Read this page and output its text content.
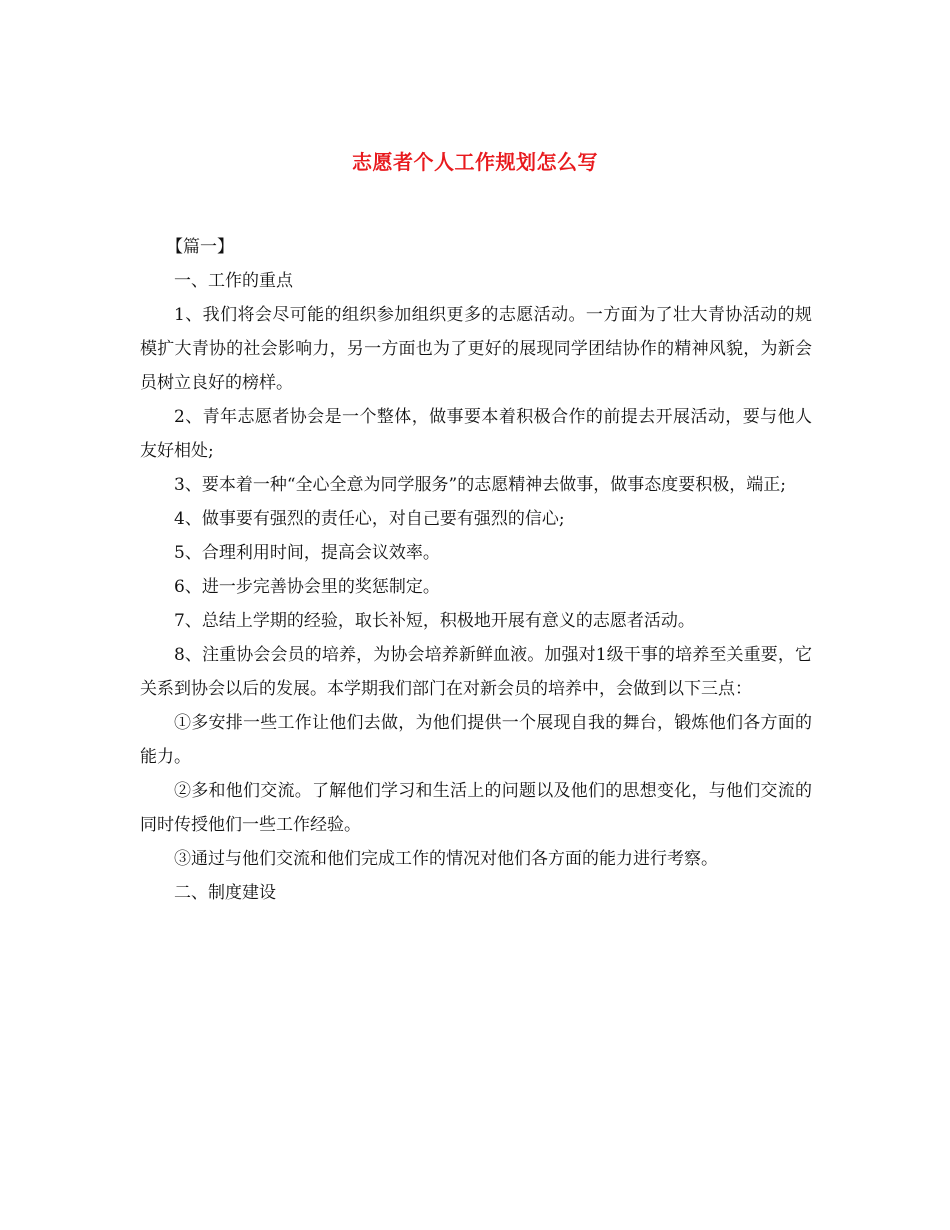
志愿者个人工作规划怎么写

【篇一】

一、工作的重点

1、我们将会尽可能的组织参加组织更多的志愿活动。一方面为了壮大青协活动的规模扩大青协的社会影响力，另一方面也为了更好的展现同学团结协作的精神风貌，为新会员树立良好的榜样。

2、青年志愿者协会是一个整体，做事要本着积极合作的前提去开展活动，要与他人友好相处;

3、要本着一种“全心全意为同学服务”的志愿精神去做事，做事态度要积极，端正;

4、做事要有强烈的责任心，对自己要有强烈的信心;

5、合理利用时间，提高会议效率。

6、进一步完善协会里的奖惩制定。

7、总结上学期的经验，取长补短，积极地开展有意义的志愿者活动。

8、注重协会会员的培养，为协会培养新鲜血液。加强对1级干事的培养至关重要，它关系到协会以后的发展。本学期我们部门在对新会员的培养中，会做到以下三点：

①多安排一些工作让他们去做，为他们提供一个展现自我的舞台，锻炼他们各方面的能力。

②多和他们交流。了解他们学习和生活上的问题以及他们的思想变化，与他们交流的同时传授他们一些工作经验。

③通过与他们交流和他们完成工作的情况对他们各方面的能力进行考察。

二、制度建设
